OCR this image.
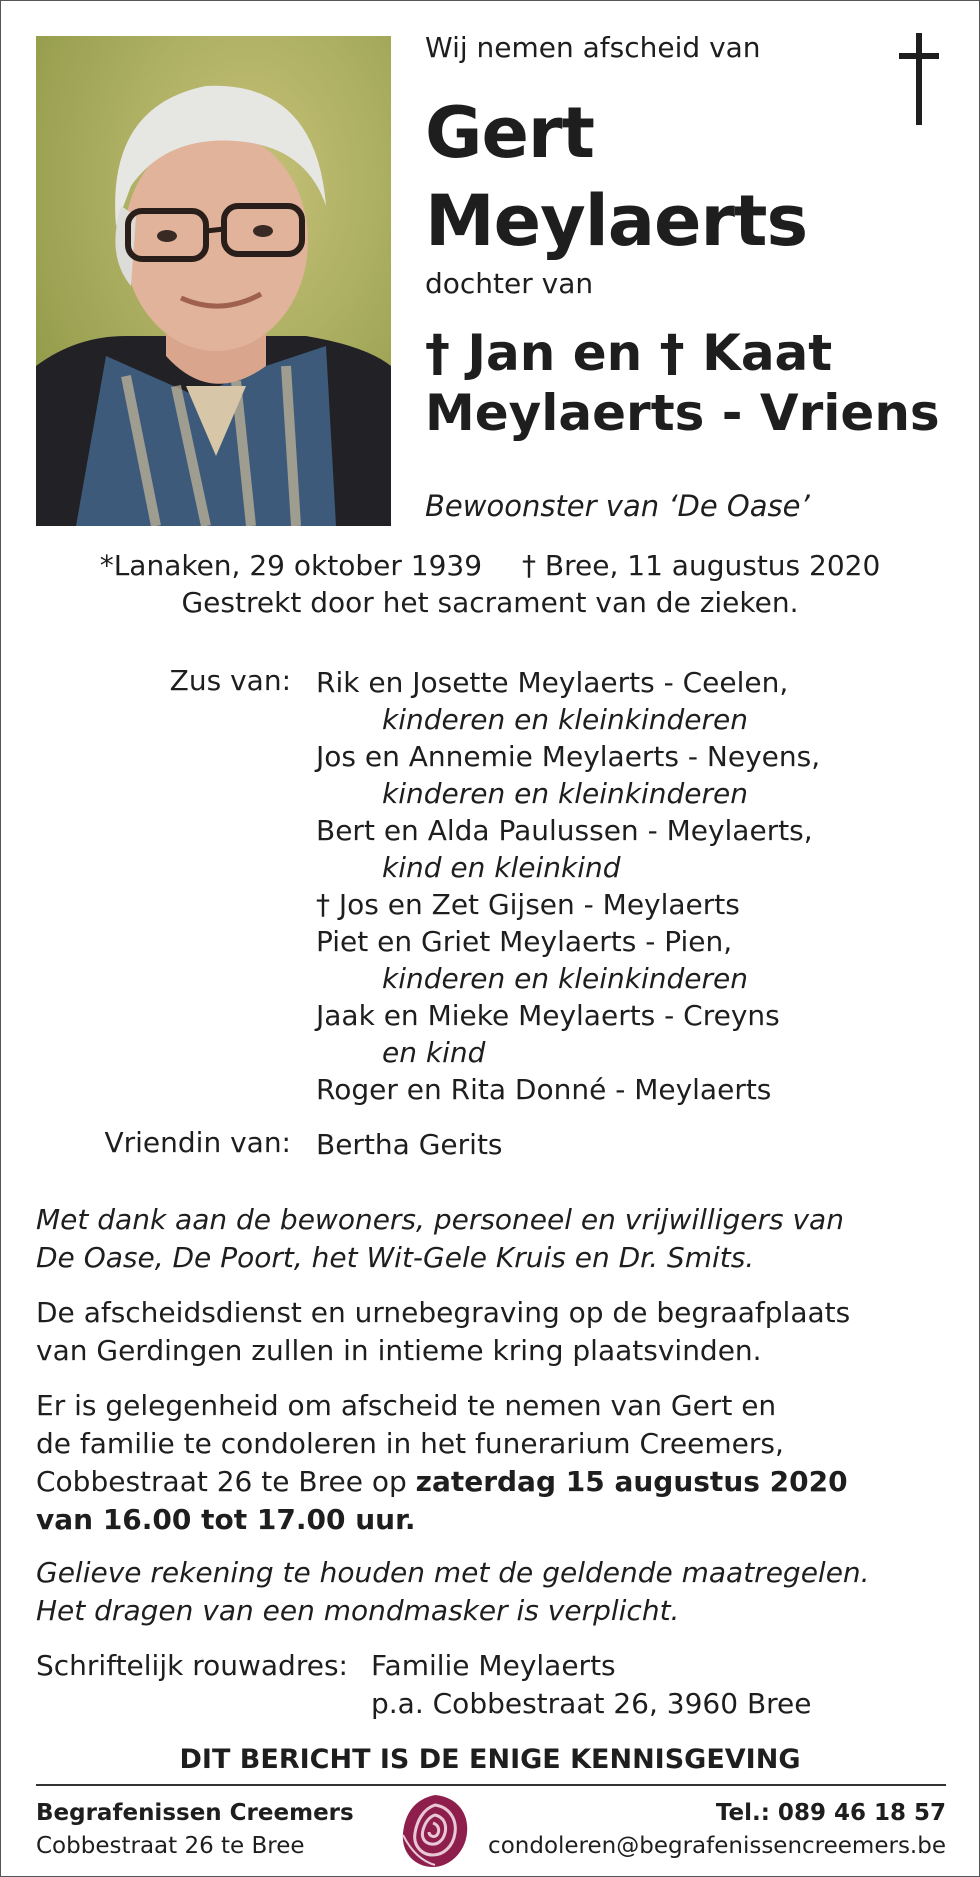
Wij nemen afscheid van
Gert
Meylaerts
dochter van
† Jan en † Kaat
Meylaerts - Vriens
Bewoonster van ‘De Oase’
*Lanaken, 29 oktober 1939 † Bree, 11 augustus 2020
Gestrekt door het sacrament van de zieken.
Zus van: Rik en Josette Meylaerts - Ceelen,
kinderen en kleinkinderen
Jos en Annemie Meylaerts - Neyens,
kinderen en kleinkinderen
Bert en Alda Paulussen - Meylaerts,
kind en kleinkind
† Jos en Zet Gijsen - Meylaerts
Piet en Griet Meylaerts - Pien,
kinderen en kleinkinderen
Jaak en Mieke Meylaerts - Creyns
en kind
Roger en Rita Donné - Meylaerts
Vriendin van: Bertha Gerits
Met dank aan de bewoners, personeel en vrijwilligers van
De Oase, De Poort, het Wit-Gele Kruis en Dr. Smits.
De afscheidsdienst en urnebegraving op de begraafplaats
van Gerdingen zullen in intieme kring plaatsvinden.
Er is gelegenheid om afscheid te nemen van Gert en
de familie te condoleren in het funerarium Creemers,
Cobbestraat 26 te Bree op zaterdag 15 augustus 2020
van 16.00 tot 17.00 uur.
Gelieve rekening te houden met de geldende maatregelen.
Het dragen van een mondmasker is verplicht.
Schriftelijk rouwadres: Familie Meylaerts
p.a. Cobbestraat 26, 3960 Bree
DIT BERICHT IS DE ENIGE KENNISGEVING
Begrafenissen Creemers
Cobbestraat 26 te Bree
Tel.: 089 46 18 57
condoleren@begrafenissencreemers.be
